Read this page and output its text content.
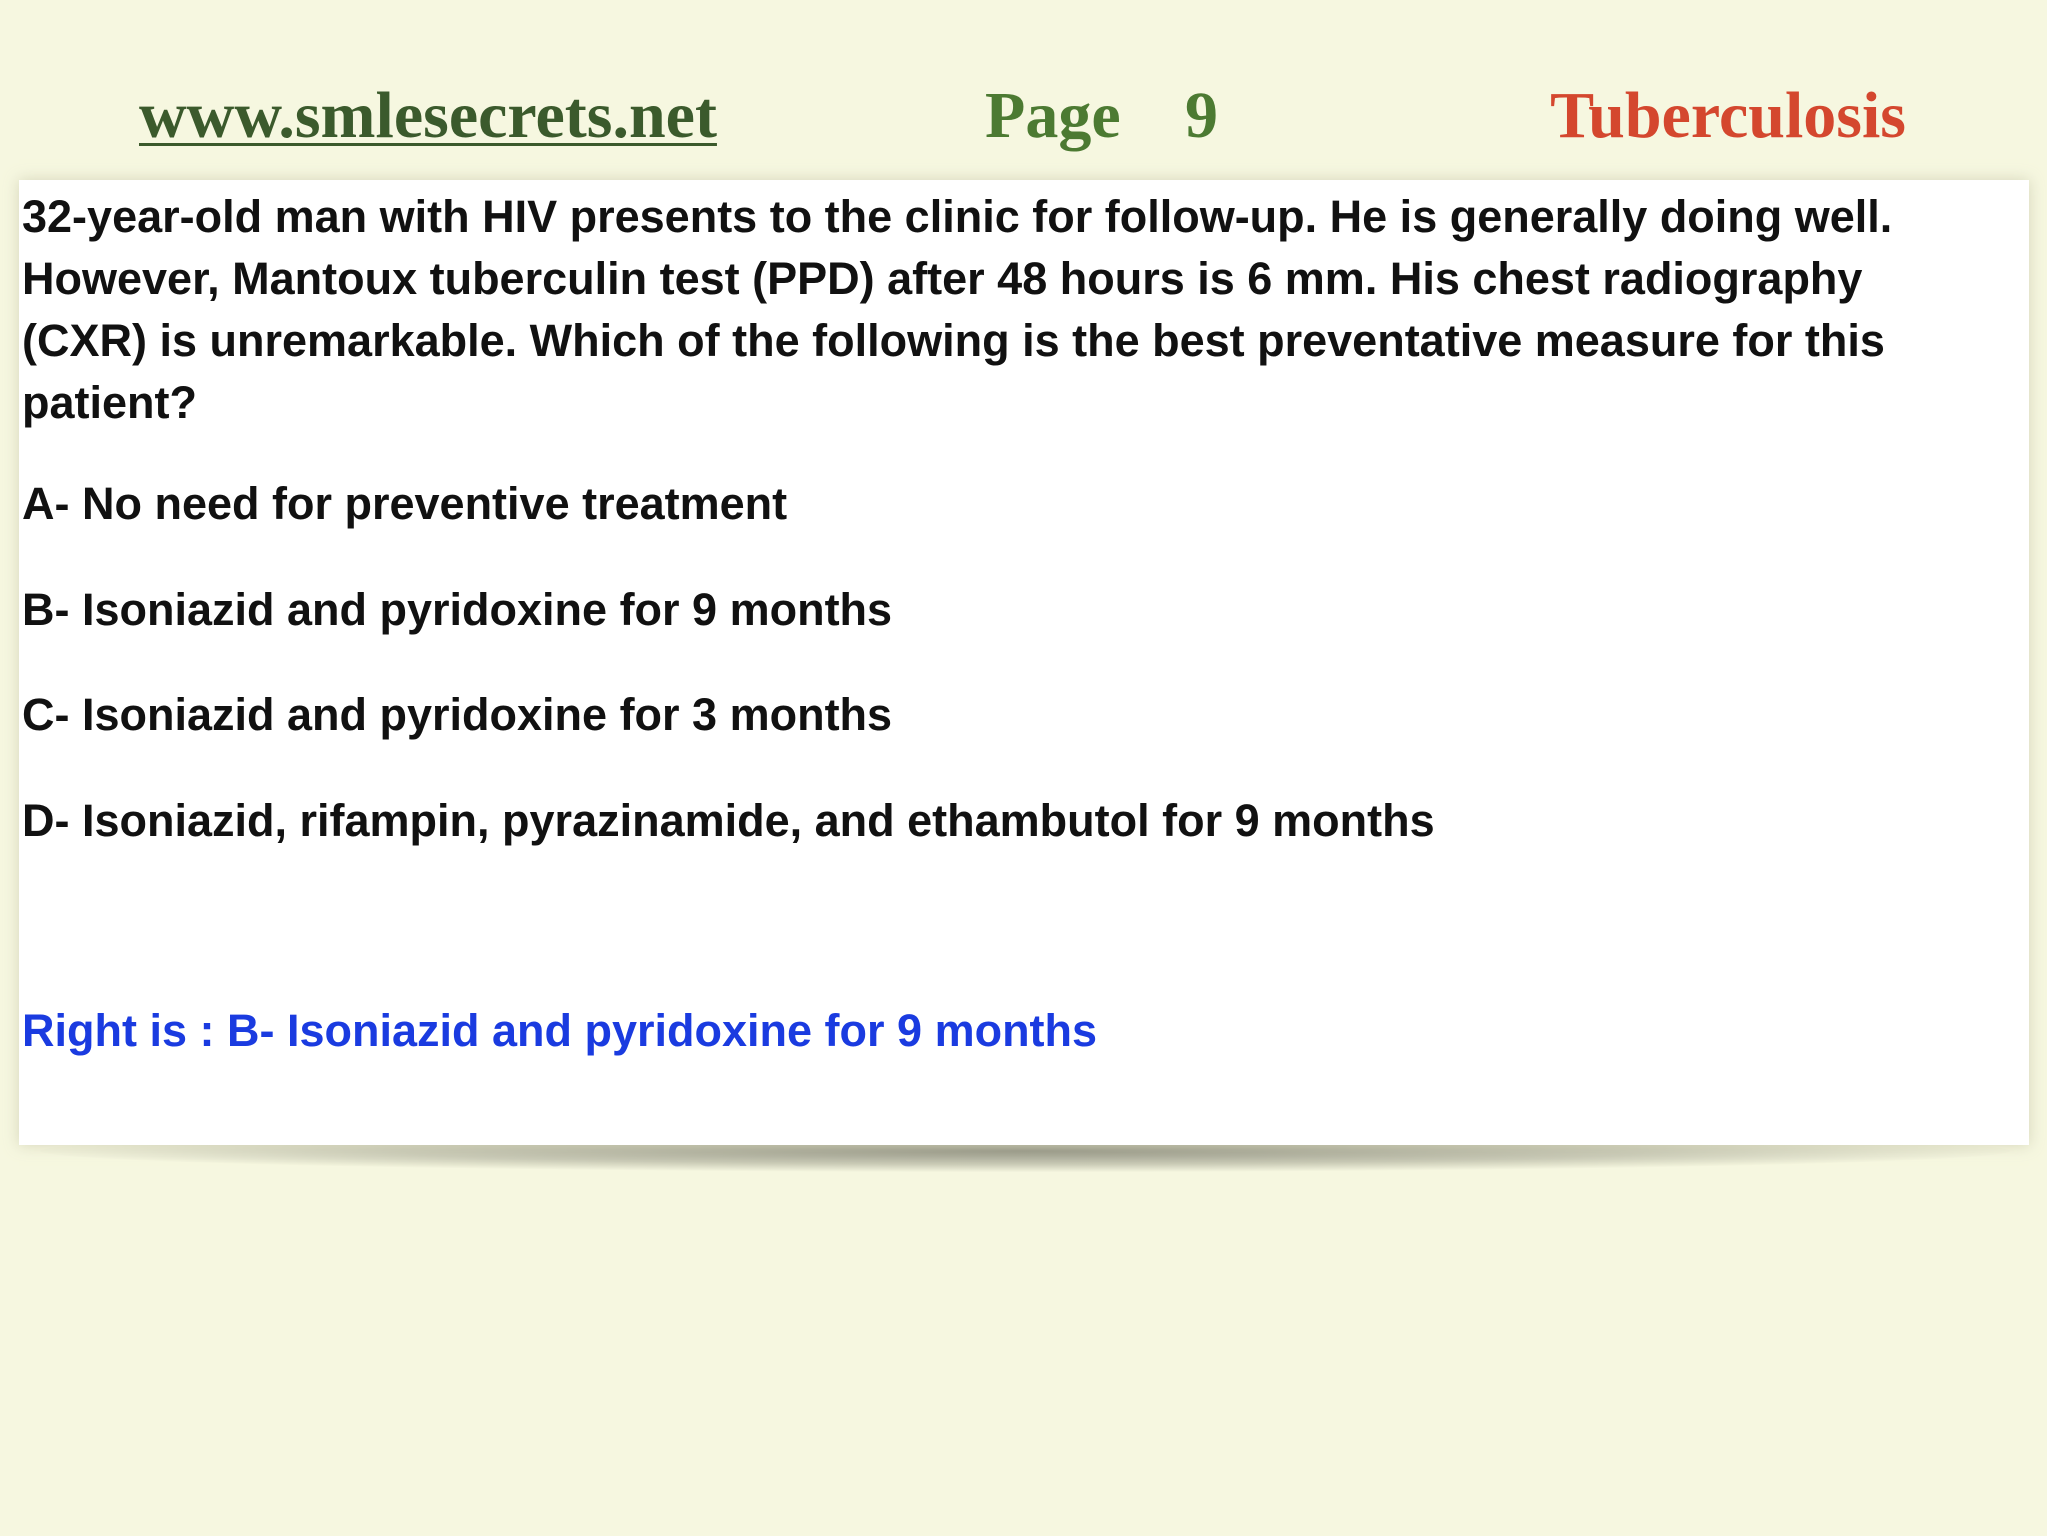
www.smlesecrets.net	Page 9	Tuberculosis

32-year-old man with HIV presents to the clinic for follow-up. He is generally doing well. However, Mantoux tuberculin test (PPD) after 48 hours is 6 mm. His chest radiography (CXR) is unremarkable. Which of the following is the best preventative measure for this patient?

A- No need for preventive treatment
B- Isoniazid and pyridoxine for 9 months
C- Isoniazid and pyridoxine for 3 months
D- Isoniazid, rifampin, pyrazinamide, and ethambutol for 9 months
Right is : B- Isoniazid and pyridoxine for 9 months
